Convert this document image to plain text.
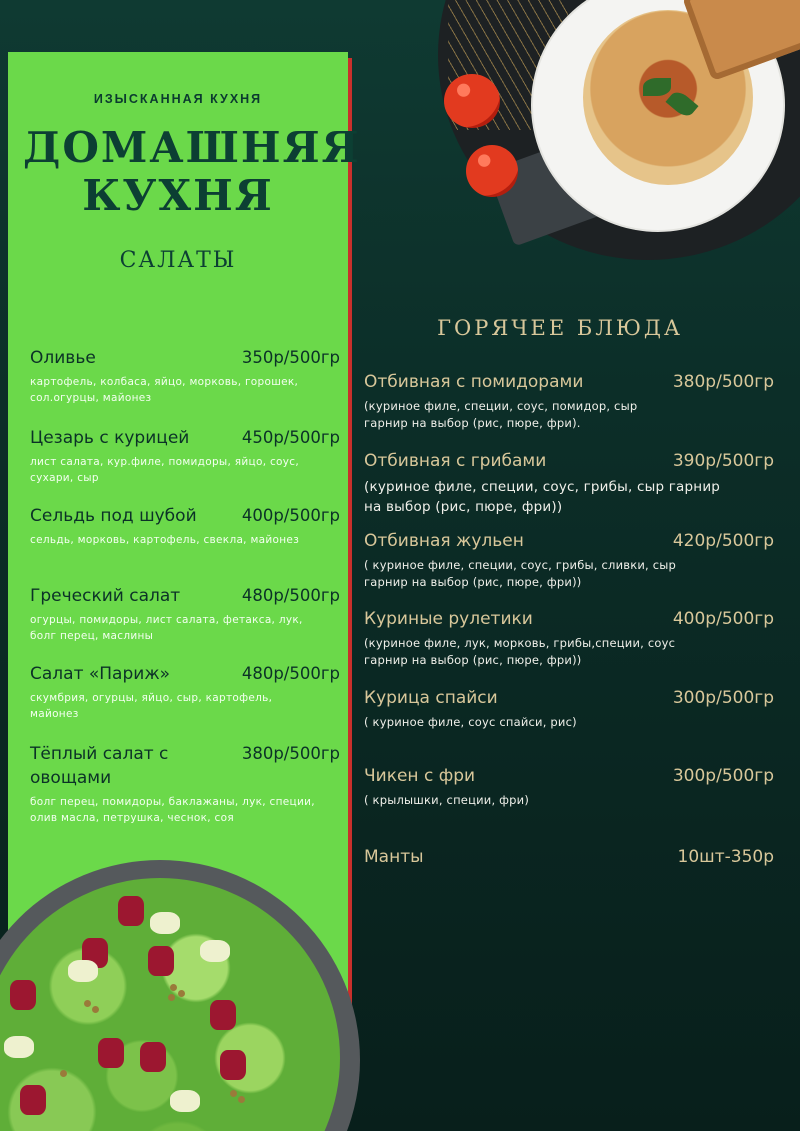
ИЗЫСКАННАЯ КУХНЯ
ДОМАШНЯЯ КУХНЯ
САЛАТЫ
Оливье	350р/500гр
картофель, колбаса, яйцо, морковь, горошек, сол.огурцы, майонез
Цезарь с курицей	450р/500гр
лист салата, кур.филе, помидоры, яйцо, соус, сухари, сыр
Сельдь под шубой	400р/500гр
сельдь, морковь, картофель, свекла, майонез
Греческий салат	480р/500гр
огурцы, помидоры, лист салата, фетакса, лук, болг перец, маслины
Салат «Париж»	480р/500гр
скумбрия, огурцы, яйцо, сыр, картофель, майонез
Тёплый салат с овощами
380р/500гр
болг перец, помидоры, баклажаны, лук, специи, олив масла, петрушка, чеснок, соя
ГОРЯЧЕЕ БЛЮДА
Отбивная с помидорами	380р/500гр
(куриное филе, специи, соус, помидор, сыр гарнир на выбор (рис, пюре, фри).
Отбивная с грибами	390р/500гр
(куриное филе, специи, соус, грибы, сыр гарнир на выбор (рис, пюре, фри))
Отбивная жульен	420р/500гр
( куриное филе, специи, соус, грибы, сливки, сыр гарнир на выбор (рис, пюре, фри))
Куриные рулетики	400р/500гр
(куриное филе, лук, морковь, грибы,специи, соус гарнир на выбор (рис, пюре, фри))
Курица спайси	300р/500гр
( куриное филе, соус спайси, рис)
Чикен с фри	300р/500гр
( крылышки, специи, фри)
Манты	10шт-350р
